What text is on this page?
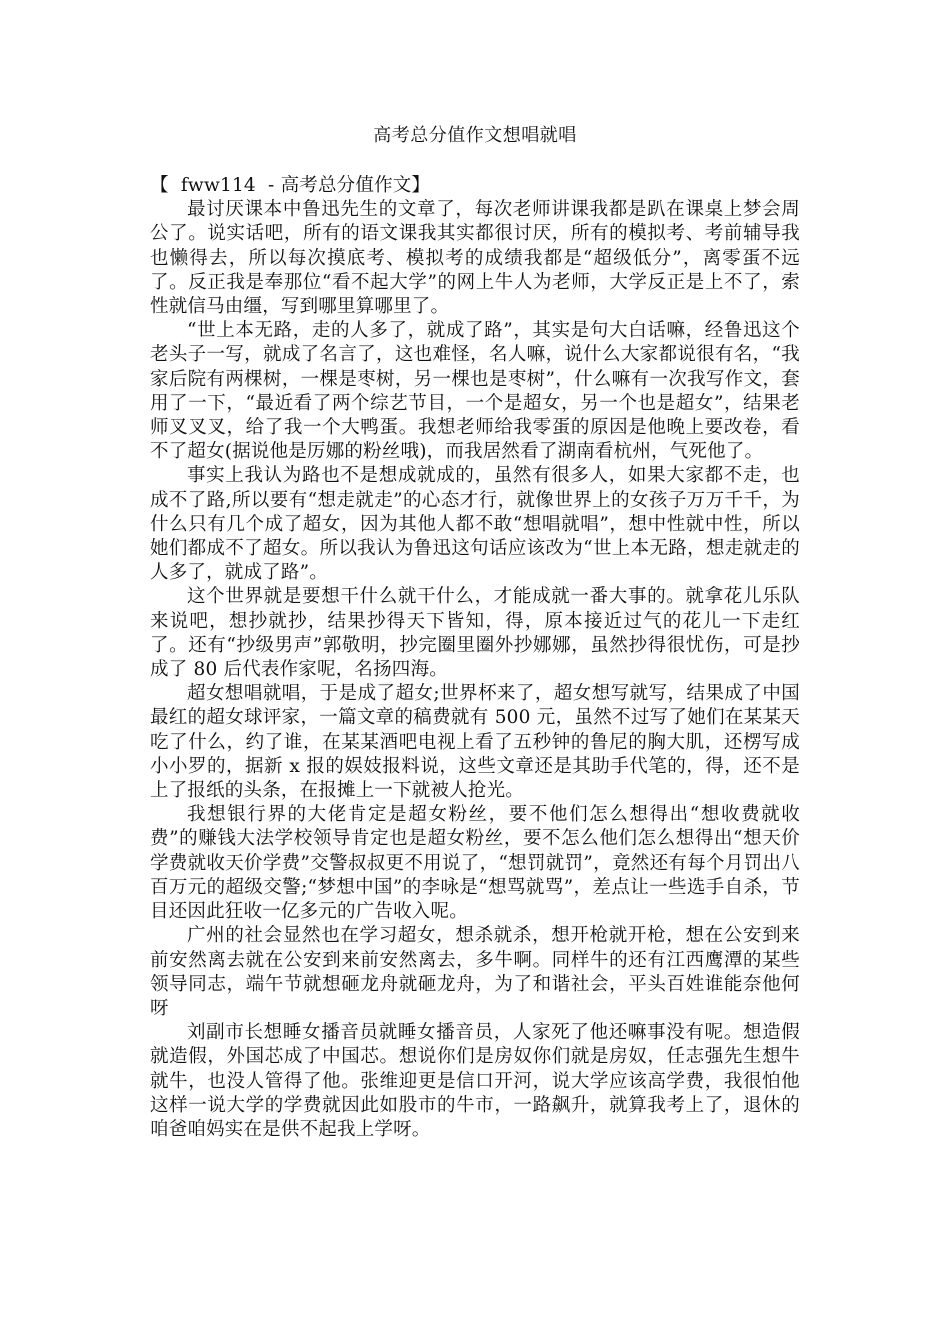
高考总分值作文想唱就唱
【  fww114  - 高考总分值作文】

最讨厌课本中鲁迅先生的文章了，每次老师讲课我都是趴在课桌上梦会周公了。说实话吧，所有的语文课我其实都很讨厌，所有的模拟考、考前辅导我也懒得去，所以每次摸底考、模拟考的成绩我都是“超级低分”，离零蛋不远了。反正我是奉那位“看不起大学”的网上牛人为老师，大学反正是上不了，索性就信马由缰，写到哪里算哪里了。

“世上本无路，走的人多了，就成了路”，其实是句大白话嘛，经鲁迅这个老头子一写，就成了名言了，这也难怪，名人嘛，说什么大家都说很有名，“我家后院有两棵树，一棵是枣树，另一棵也是枣树”，什么嘛有一次我写作文，套用了一下，“最近看了两个综艺节目，一个是超女，另一个也是超女”，结果老师叉叉叉，给了我一个大鸭蛋。我想老师给我零蛋的原因是他晚上要改卷，看不了超女(据说他是厉娜的粉丝哦)，而我居然看了湖南看杭州，气死他了。

事实上我认为路也不是想成就成的，虽然有很多人，如果大家都不走，也成不了路,所以要有“想走就走”的心态才行，就像世界上的女孩子万万千千，为什么只有几个成了超女，因为其他人都不敢“想唱就唱”，想中性就中性，所以她们都成不了超女。所以我认为鲁迅这句话应该改为“世上本无路，想走就走的人多了，就成了路”。

这个世界就是要想干什么就干什么，才能成就一番大事的。就拿花儿乐队来说吧，想抄就抄，结果抄得天下皆知，得，原本接近过气的花儿一下走红了。还有“抄级男声”郭敬明，抄完圈里圈外抄娜娜，虽然抄得很忧伤，可是抄成了 80 后代表作家呢，名扬四海。

超女想唱就唱，于是成了超女;世界杯来了，超女想写就写，结果成了中国最红的超女球评家，一篇文章的稿费就有 500 元，虽然不过写了她们在某某天吃了什么，约了谁，在某某酒吧电视上看了五秒钟的鲁尼的胸大肌，还楞写成小小罗的，据新 x 报的娱妓报料说，这些文章还是其助手代笔的，得，还不是上了报纸的头条，在报摊上一下就被人抢光。

我想银行界的大佬肯定是超女粉丝，要不他们怎么想得出“想收费就收费”的赚钱大法学校领导肯定也是超女粉丝，要不怎么他们怎么想得出“想天价学费就收天价学费”交警叔叔更不用说了，“想罚就罚”，竟然还有每个月罚出八百万元的超级交警;“梦想中国”的李咏是“想骂就骂”，差点让一些选手自杀，节目还因此狂收一亿多元的广告收入呢。

广州的社会显然也在学习超女，想杀就杀，想开枪就开枪，想在公安到来前安然离去就在公安到来前安然离去，多牛啊。同样牛的还有江西鹰潭的某些领导同志，端午节就想砸龙舟就砸龙舟，为了和谐社会，平头百姓谁能奈他何呀

刘副市长想睡女播音员就睡女播音员，人家死了他还嘛事没有呢。想造假就造假，外国芯成了中国芯。想说你们是房奴你们就是房奴，任志强先生想牛就牛，也没人管得了他。张维迎更是信口开河，说大学应该高学费，我很怕他这样一说大学的学费就因此如股市的牛市，一路飙升，就算我考上了，退休的咱爸咱妈实在是供不起我上学呀。
